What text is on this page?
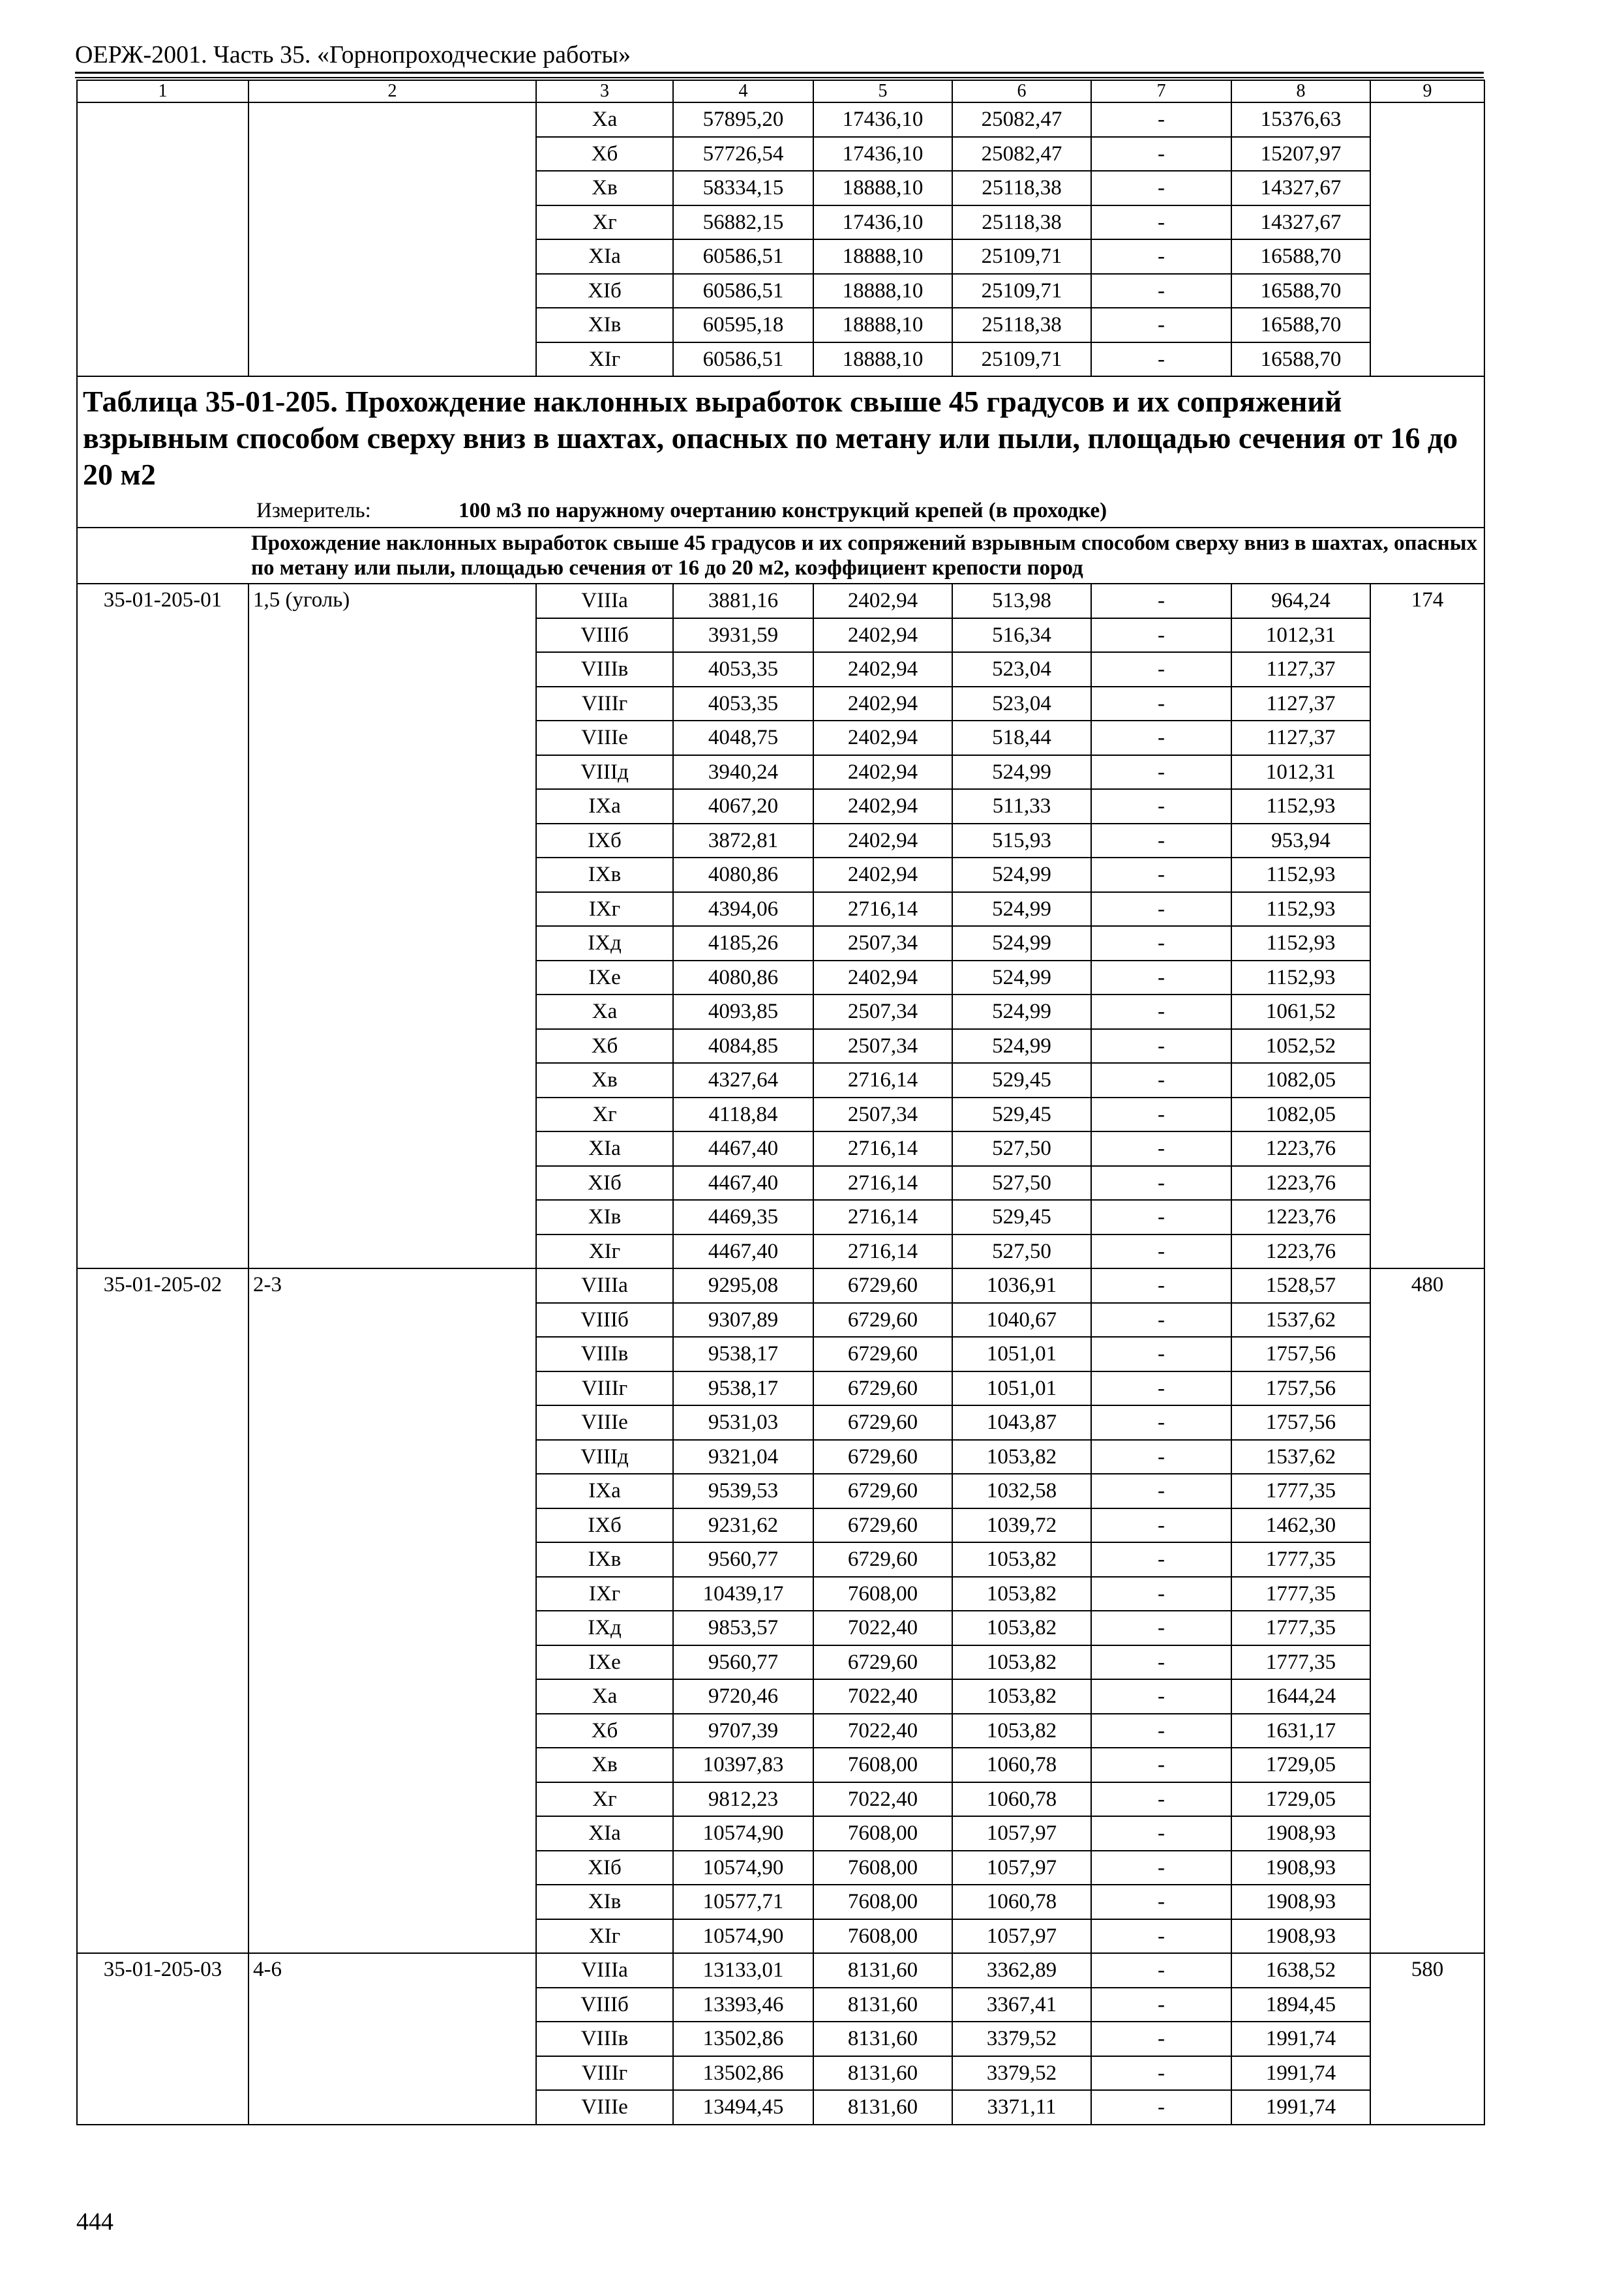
ОЕРЖ-2001. Часть 35. «Горнопроходческие работы»
1	2	3	4	5	6	7	8	9
		Xa	57895,20	17436,10	25082,47	-	15376,63	
		Xб	57726,54	17436,10	25082,47	-	15207,97	
		Xв	58334,15	18888,10	25118,38	-	14327,67	
		Xг	56882,15	17436,10	25118,38	-	14327,67	
		XIa	60586,51	18888,10	25109,71	-	16588,70	
		XIб	60586,51	18888,10	25109,71	-	16588,70	
		XIв	60595,18	18888,10	25118,38	-	16588,70	
		XIг	60586,51	18888,10	25109,71	-	16588,70	
Таблица 35-01-205. Прохождение наклонных выработок свыше 45 градусов и их сопряжений взрывным способом сверху вниз в шахтах, опасных по метану или пыли, площадью сечения от 16 до 20 м2								
Измеритель: 100 м3 по наружному очертанию конструкций крепей (в проходке)								

Прохождение наклонных выработок свыше 45 градусов и их сопряжений взрывным способом сверху вниз в шахтах, опасных по метану или пыли, площадью сечения от 16 до 20 м2, коэффициент крепости пород								

35-01-205-01	1,5 (уголь)	VIIIa	3881,16	2402,94	513,98	-	964,24	174
		VIIIб	3931,59	2402,94	516,34	-	1012,31	
		VIIIв	4053,35	2402,94	523,04	-	1127,37	
		VIIIг	4053,35	2402,94	523,04	-	1127,37	
		VIIIe	4048,75	2402,94	518,44	-	1127,37	
		VIIIд	3940,24	2402,94	524,99	-	1012,31	
		IXa	4067,20	2402,94	511,33	-	1152,93	
		IXб	3872,81	2402,94	515,93	-	953,94	
		IXв	4080,86	2402,94	524,99	-	1152,93	
		IXг	4394,06	2716,14	524,99	-	1152,93	
		IXд	4185,26	2507,34	524,99	-	1152,93	
		IXe	4080,86	2402,94	524,99	-	1152,93	
		Xa	4093,85	2507,34	524,99	-	1061,52	
		Xб	4084,85	2507,34	524,99	-	1052,52	
		Xв	4327,64	2716,14	529,45	-	1082,05	
		Xг	4118,84	2507,34	529,45	-	1082,05	
		XIa	4467,40	2716,14	527,50	-	1223,76	
		XIб	4467,40	2716,14	527,50	-	1223,76	
		XIв	4469,35	2716,14	529,45	-	1223,76	
		XIг	4467,40	2716,14	527,50	-	1223,76	
35-01-205-02	2-3	VIIIa	9295,08	6729,60	1036,91	-	1528,57	480
		VIIIб	9307,89	6729,60	1040,67	-	1537,62	
		VIIIв	9538,17	6729,60	1051,01	-	1757,56	
		VIIIг	9538,17	6729,60	1051,01	-	1757,56	
		VIIIe	9531,03	6729,60	1043,87	-	1757,56	
		VIIIд	9321,04	6729,60	1053,82	-	1537,62	
		IXa	9539,53	6729,60	1032,58	-	1777,35	
		IXб	9231,62	6729,60	1039,72	-	1462,30	
		IXв	9560,77	6729,60	1053,82	-	1777,35	
		IXг	10439,17	7608,00	1053,82	-	1777,35	
		IXд	9853,57	7022,40	1053,82	-	1777,35	
		IXe	9560,77	6729,60	1053,82	-	1777,35	
		Xa	9720,46	7022,40	1053,82	-	1644,24	
		Xб	9707,39	7022,40	1053,82	-	1631,17	
		Xв	10397,83	7608,00	1060,78	-	1729,05	
		Xг	9812,23	7022,40	1060,78	-	1729,05	
		XIa	10574,90	7608,00	1057,97	-	1908,93	
		XIб	10574,90	7608,00	1057,97	-	1908,93	
		XIв	10577,71	7608,00	1060,78	-	1908,93	
		XIг	10574,90	7608,00	1057,97	-	1908,93	
35-01-205-03	4-6	VIIIa	13133,01	8131,60	3362,89	-	1638,52	580
		VIIIб	13393,46	8131,60	3367,41	-	1894,45	
		VIIIв	13502,86	8131,60	3379,52	-	1991,74	
		VIIIг	13502,86	8131,60	3379,52	-	1991,74	
		VIIIe	13494,45	8131,60	3371,11	-	1991,74	
444
